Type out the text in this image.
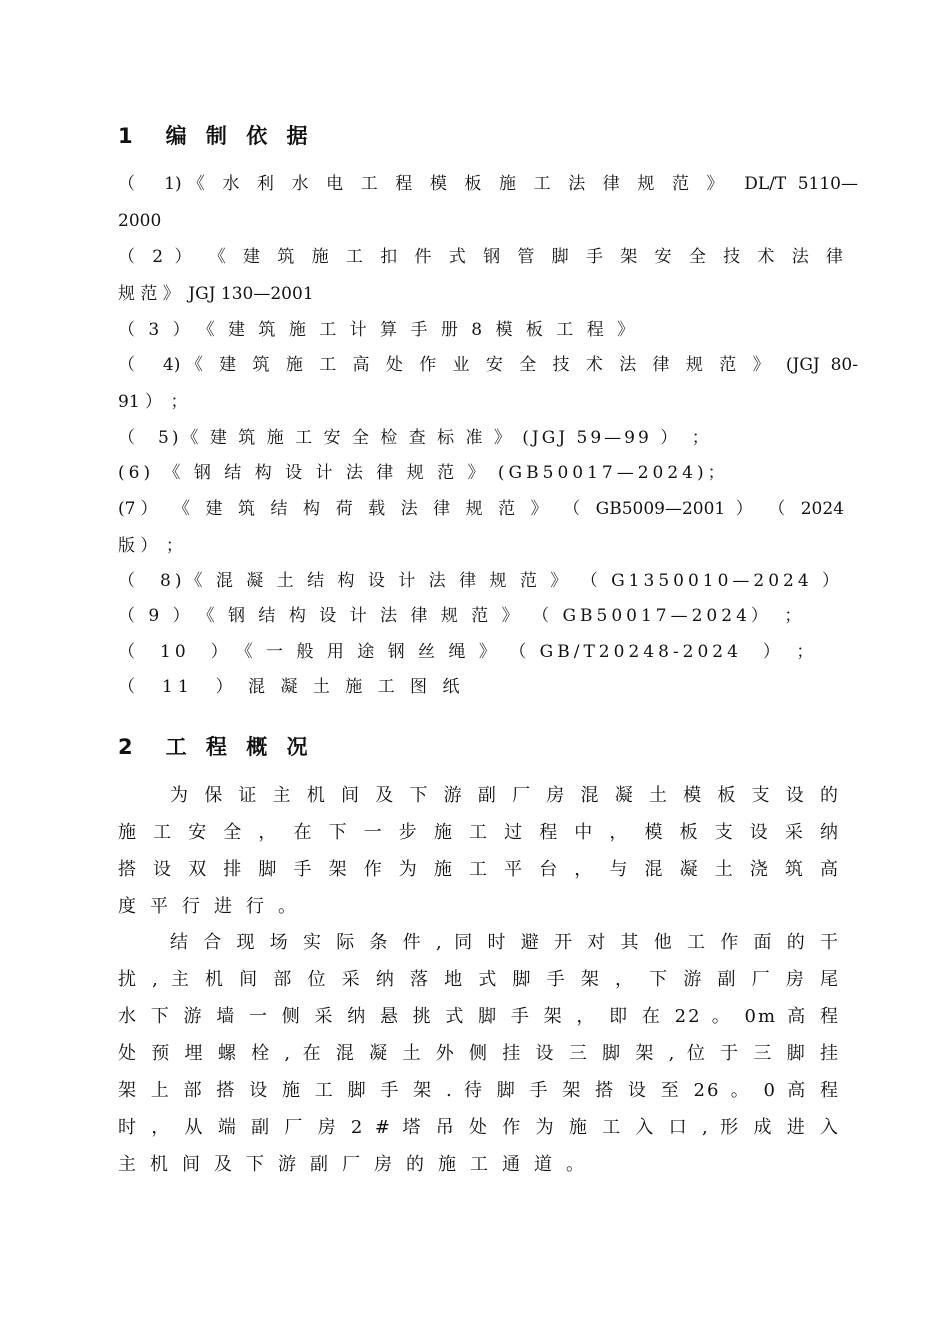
1　编 制 依 据

（　1)《 水 利 水 电 工 程 模 板 施 工 法 律 规 范 》　DL/T 5110—

2000

（ 2 ） 《 建 筑 施 工 扣 件 式 钢 管 脚 手 架 安 全 技 术 法 律

规 范 》　JGJ 130—2001

（ 3 ）　《 建 筑 施 工 计 算 手 册 8 模 板 工 程 》

（　4)《 建 筑 施 工 高 处 作 业 安 全 技 术 法 律 规 范 》 (JGJ 80-

91 ）　；

（　5)《 建 筑 施 工 安 全 检 查 标 准 》 (JGJ 59—99 ）　；

(6) 《 钢 结 构 设 计 法 律 规 范 》 (GB50017—2024)；

(7） 《 建 筑 结 构 荷 载 法 律 规 范 》 （ GB5009—2001 ） （ 2024

版 ）　；

（　8)《 混 凝 土 结 构 设 计 法 律 规 范 》 （ G1350010—2024 ）

（ 9 ）　《 钢 结 构 设 计 法 律 规 范 》 （ GB50017—2024）　；

（　10　）　《 一 般 用 途 钢 丝 绳 》 （ GB/T20248-2024　）　；

（　11　） 混 凝 土 施 工 图 纸

2　工 程 概 况

为 保 证 主 机 间 及 下 游 副 厂 房 混 凝 土 模 板 支 设 的

施 工 安 全 ， 在 下 一 步 施 工 过 程 中 ， 模 板 支 设 采 纳

搭 设 双 排 脚 手 架 作 为 施 工 平 台 ， 与 混 凝 土 浇 筑 高

度平行进行。

结 合 现 场 实 际 条 件 , 同 时 避 开 对 其 他 工 作 面 的 干

扰 , 主 机 间 部 位 采 纳 落 地 式 脚 手 架 ， 下 游 副 厂 房 尾

水 下 游 墙 一 侧 采 纳 悬 挑 式 脚 手 架 ， 即 在 22 。 0m 高 程

处 预 埋 螺 栓 , 在 混 凝 土 外 侧 挂 设 三 脚 架 , 位 于 三 脚 挂

架 上 部 搭 设 施 工 脚 手 架 . 待 脚 手 架 搭 设 至 26 。 0 高 程

时 ， 从 端 副 厂 房 2 # 塔 吊 处 作 为 施 工 入 口 , 形 成 进 入

主机间及下游副厂房的施工通道。
